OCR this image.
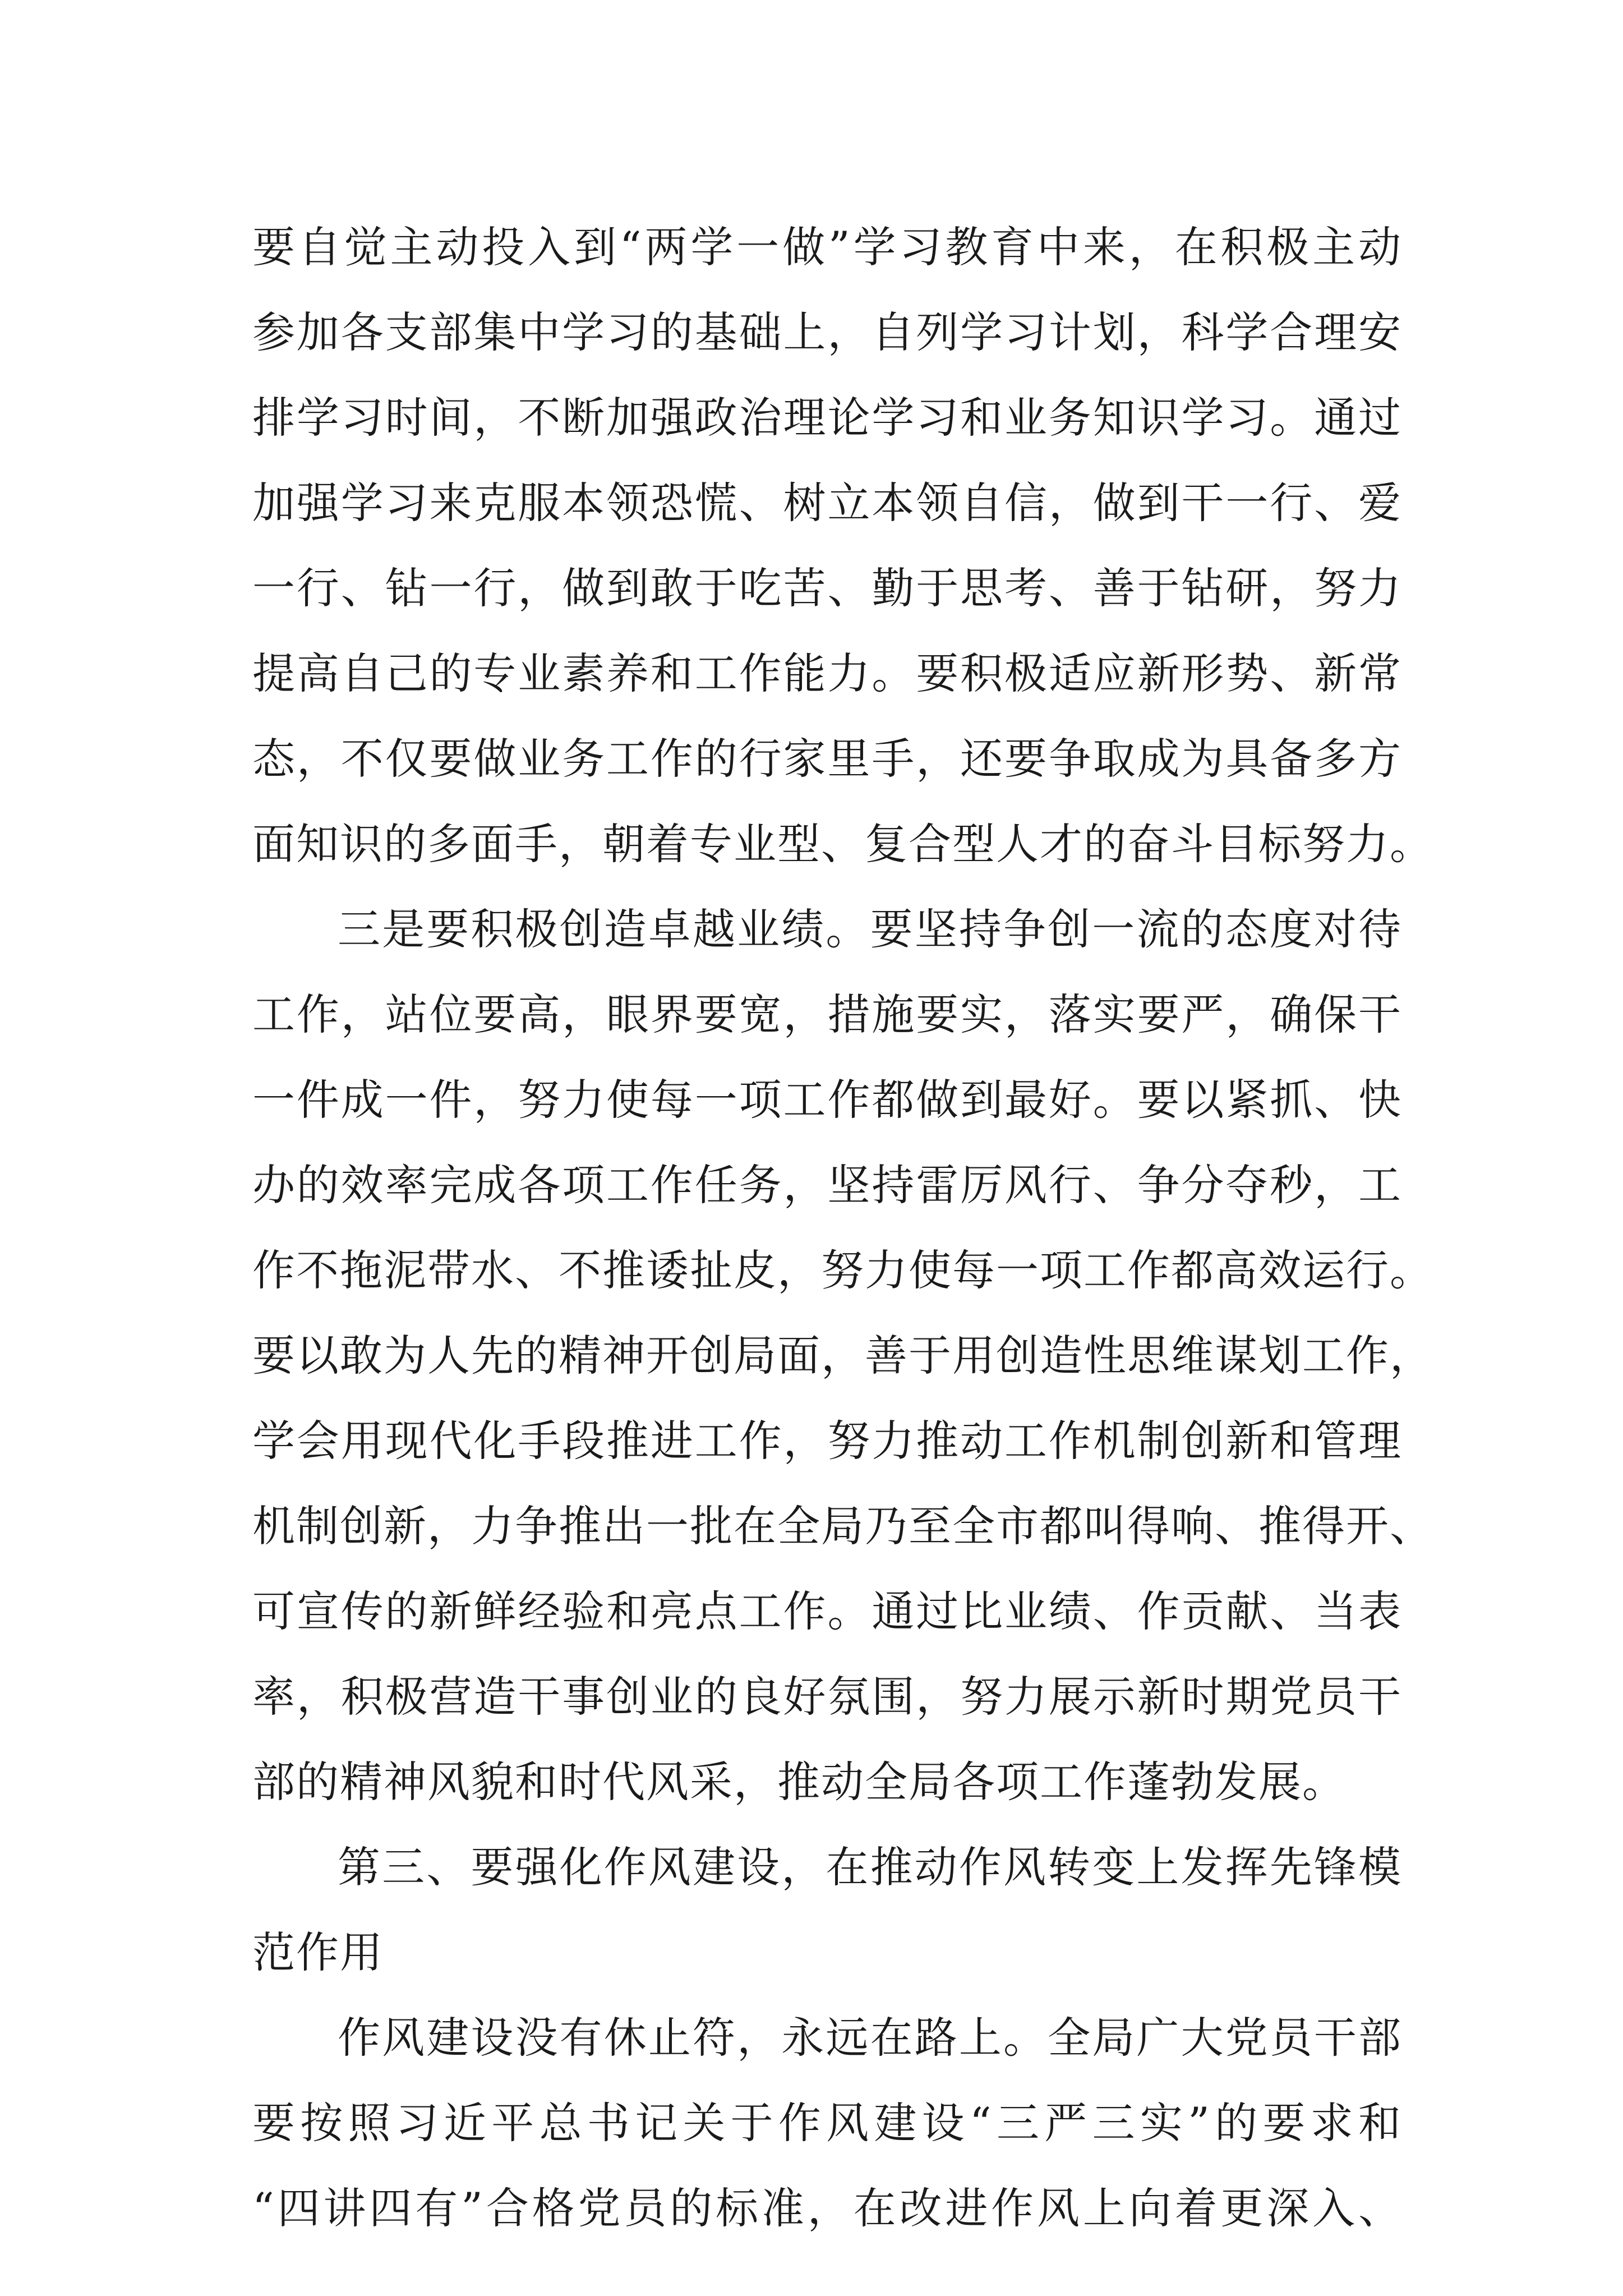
要自觉主动投入到“两学一做”学习教育中来，在积极主动
参加各支部集中学习的基础上，自列学习计划，科学合理安
排学习时间，不断加强政治理论学习和业务知识学习。通过
加强学习来克服本领恐慌、树立本领自信，做到干一行、爱
一行、钻一行，做到敢于吃苦、勤于思考、善于钻研，努力
提高自己的专业素养和工作能力。要积极适应新形势、新常
态，不仅要做业务工作的行家里手，还要争取成为具备多方
面知识的多面手，朝着专业型、复合型人才的奋斗目标努力。
三是要积极创造卓越业绩。要坚持争创一流的态度对待
工作，站位要高，眼界要宽，措施要实，落实要严，确保干
一件成一件，努力使每一项工作都做到最好。要以紧抓、快
办的效率完成各项工作任务，坚持雷厉风行、争分夺秒，工
作不拖泥带水、不推诿扯皮，努力使每一项工作都高效运行。
要以敢为人先的精神开创局面，善于用创造性思维谋划工作，
学会用现代化手段推进工作，努力推动工作机制创新和管理
机制创新，力争推出一批在全局乃至全市都叫得响、推得开、
可宣传的新鲜经验和亮点工作。通过比业绩、作贡献、当表
率，积极营造干事创业的良好氛围，努力展示新时期党员干
部的精神风貌和时代风采，推动全局各项工作蓬勃发展。
第三、要强化作风建设，在推动作风转变上发挥先锋模
范作用
作风建设没有休止符，永远在路上。全局广大党员干部
要按照习近平总书记关于作风建设“三严三实”的要求和
“四讲四有”合格党员的标准，在改进作风上向着更深入、
